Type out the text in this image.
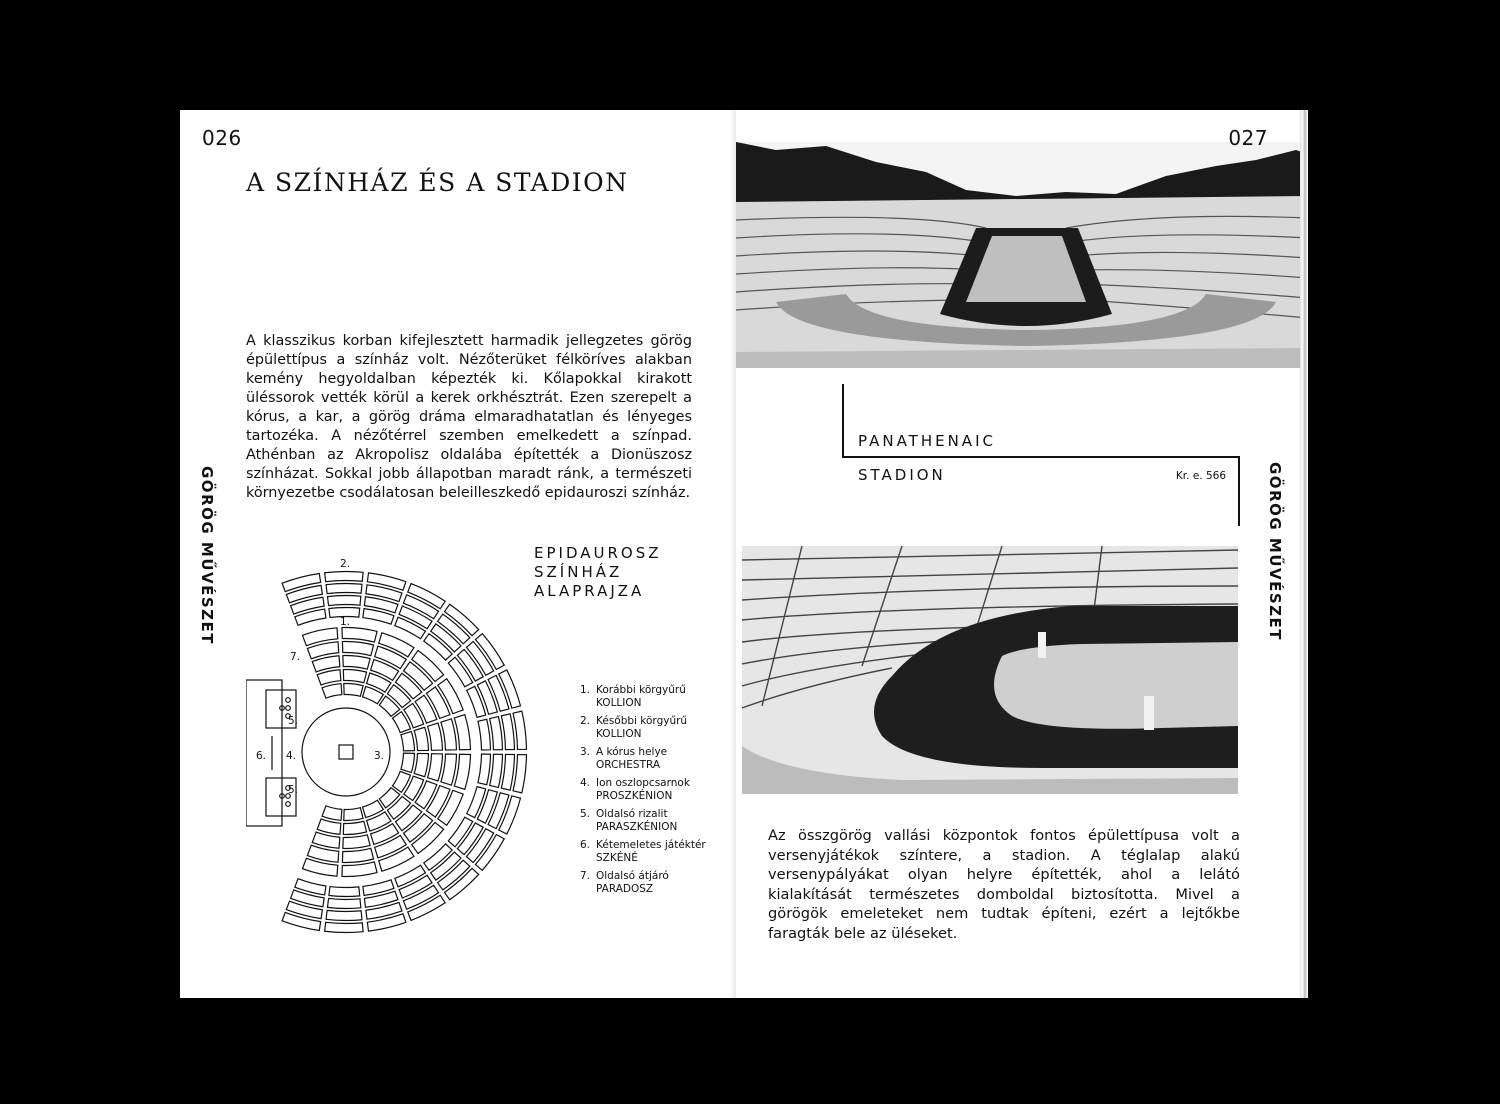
026
A SZÍNHÁZ ÉS A STADION
GÖRÖG MŰVÉSZET
A klasszikus korban kifejlesztett harmadik jellegzetes görög épülettípus a színház volt. Nézőterüket félköríves alakban kemény hegyoldalban képezték ki. Kőlapokkal kirakott üléssorok vették körül a kerek orkhésztrát. Ezen szerepelt a kórus, a kar, a görög dráma elmaradhatatlan és lényeges tartozéka. A nézőtérrel szemben emelkedett a színpad. Athénban az Akropolisz oldalába építették a Dionüszosz színházat. Sokkal jobb állapotban maradt ránk, a természeti környezetbe csodálatosan beleilleszkedő epidauroszi színház.
EPIDAUROSZ
SZÍNHÁZ
ALAPRAJZA
2.
1.
7.
3.
4.
5.
5.
6.
1. Korábbi körgyűrű
KOLLION
2. Későbbi körgyűrű
KOLLION
3. A kórus helye
ORCHESTRA
4. Ion oszlopcsarnok
PROSZKÉNION
5. Oldalsó rizalit
PARASZKÉNION
6. Kétemeletes játéktér
SZKÉNÉ
7. Oldalsó átjáró
PARADOSZ
027
PANATHENAIC
STADION	Kr. e. 566
Az összgörög vallási központok fontos épülettípusa volt a versenyjátékok színtere, a stadion. A téglalap alakú versenypályákat olyan helyre építették, ahol a lelátó kialakítását természetes domboldal biztosította. Mivel a görögök emeleteket nem tudtak építeni, ezért a lejtőkbe faragták bele az üléseket.
GÖRÖG MŰVÉSZET
